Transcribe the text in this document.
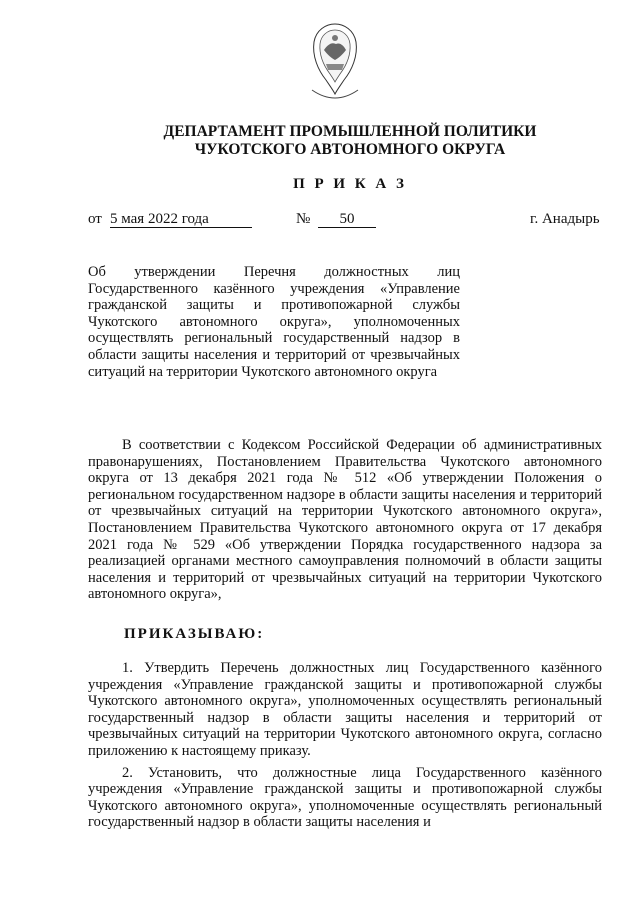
ДЕПАРТАМЕНТ ПРОМЫШЛЕННОЙ ПОЛИТИКИ
ЧУКОТСКОГО АВТОНОМНОГО ОКРУГА
П Р И К А З
от 5 мая 2022 года	№	50	г. Анадырь
Об утверждении Перечня должностных лиц Государственного казённого учреждения «Управление гражданской защиты и противопожарной службы Чукотского автономного округа», уполномоченных осуществлять региональный государственный надзор в области защиты населения и территорий от чрезвычайных ситуаций на территории Чукотского автономного округа
В соответствии с Кодексом Российской Федерации об административных правонарушениях, Постановлением Правительства Чукотского автономного округа от 13 декабря 2021 года № 512 «Об утверждении Положения о региональном государственном надзоре в области защиты населения и территорий от чрезвычайных ситуаций на территории Чукотского автономного округа», Постановлением Правительства Чукотского автономного округа от 17 декабря 2021 года № 529 «Об утверждении Порядка государственного надзора за реализацией органами местного самоуправления полномочий в области защиты населения и территорий от чрезвычайных ситуаций на территории Чукотского автономного округа»,
ПРИКАЗЫВАЮ:

1. Утвердить Перечень должностных лиц Государственного казённого учреждения «Управление гражданской защиты и противопожарной службы Чукотского автономного округа», уполномоченных осуществлять региональный государственный надзор в области защиты населения и территорий от чрезвычайных ситуаций на территории Чукотского автономного округа, согласно приложению к настоящему приказу.

2. Установить, что должностные лица Государственного казённого учреждения «Управление гражданской защиты и противопожарной службы Чукотского автономного округа», уполномоченные осуществлять региональный государственный надзор в области защиты населения и
